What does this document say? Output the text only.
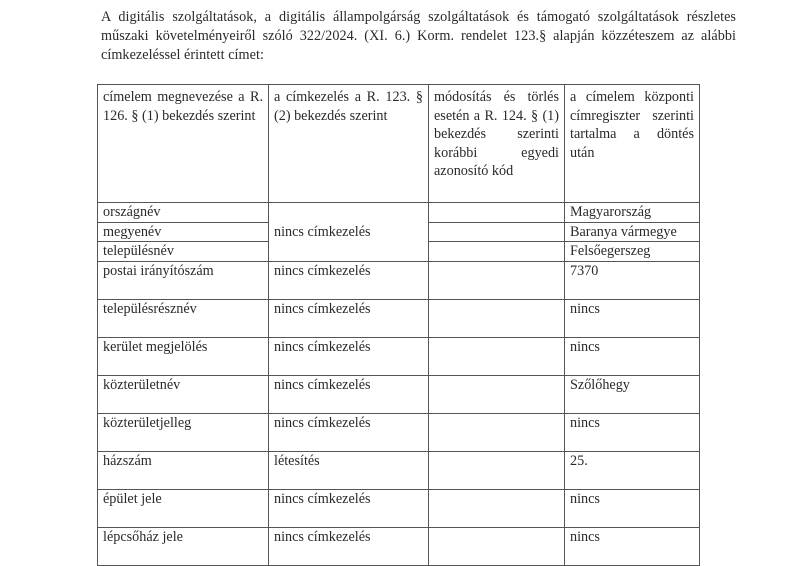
A digitális szolgáltatások, a digitális állampolgárság szolgáltatások és támogató szolgáltatások részletes műszaki követelményeiről szóló 322/2024. (XI. 6.) Korm. rendelet 123.§ alapján közzéteszem az alábbi címkezeléssel érintett címet:
címelem megnevezése a R. 126. § (1) bekezdés szerint	a címkezelés a R. 123. § (2) bekezdés szerint	módosítás és törlés esetén a R. 124. § (1) bekezdés szerinti korábbi egyedi azonosító kód	a címelem központi címregiszter szerinti tartalma a döntés után
országnév	nincs címkezelés		Magyarország
megyenév			Baranya vármegye
településnév			Felsőegerszeg
postai irányítószám	nincs címkezelés		7370
településrésznév	nincs címkezelés		nincs
kerület megjelölés	nincs címkezelés		nincs
közterületnév	nincs címkezelés		Szőlőhegy
közterületjelleg	nincs címkezelés		nincs
házszám	létesítés		25.
épület jele	nincs címkezelés		nincs
lépcsőház jele	nincs címkezelés		nincs
